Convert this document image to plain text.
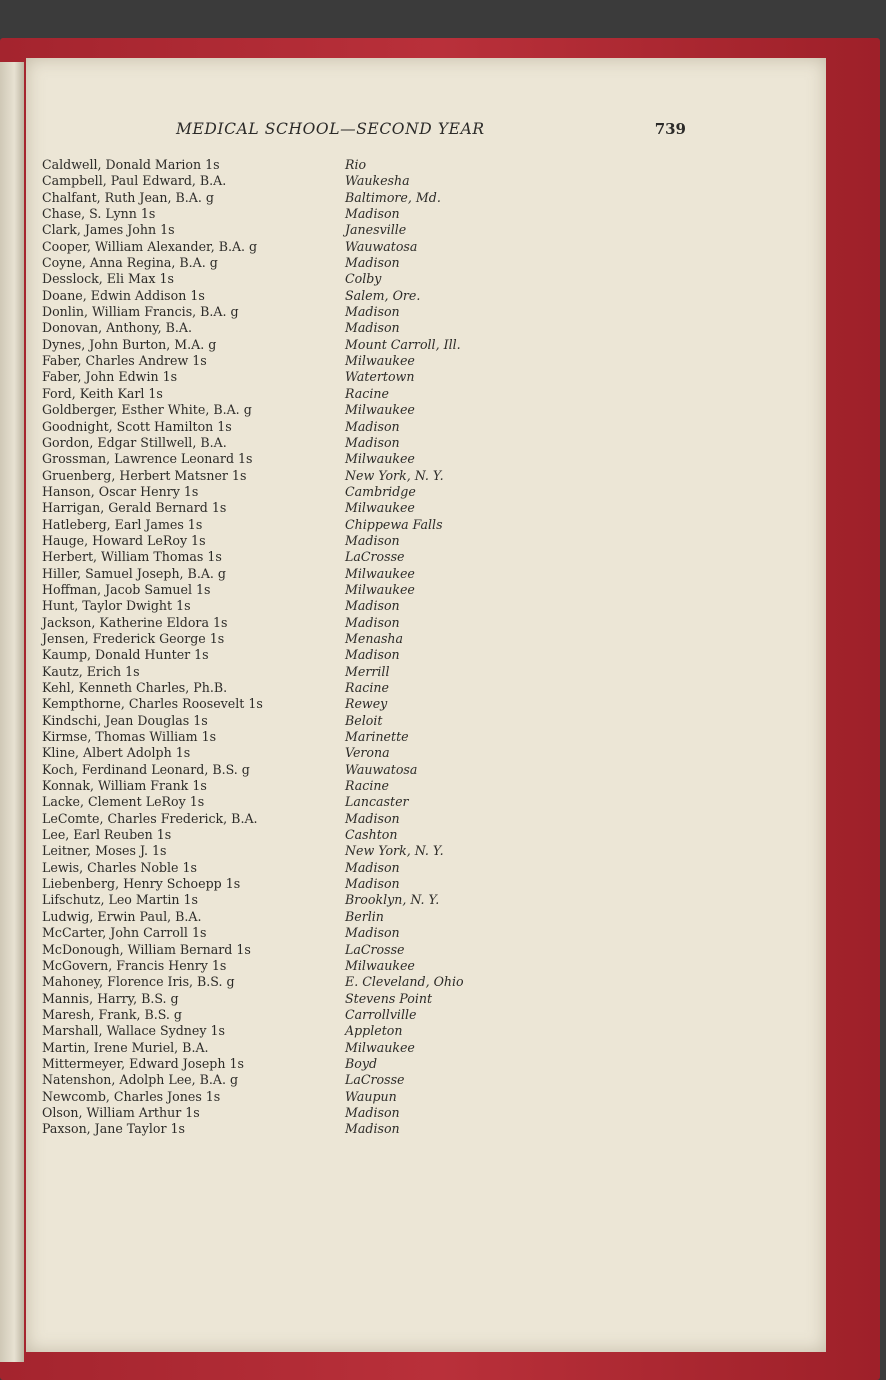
MEDICAL SCHOOL—SECOND YEAR	739
Caldwell, Donald Marion 1s	Rio
Campbell, Paul Edward, B.A.	Waukesha
Chalfant, Ruth Jean, B.A. g	Baltimore, Md.
Chase, S. Lynn 1s	Madison
Clark, James John 1s	Janesville
Cooper, William Alexander, B.A. g	Wauwatosa
Coyne, Anna Regina, B.A. g	Madison
Desslock, Eli Max 1s	Colby
Doane, Edwin Addison 1s	Salem, Ore.
Donlin, William Francis, B.A. g	Madison
Donovan, Anthony, B.A.	Madison
Dynes, John Burton, M.A. g	Mount Carroll, Ill.
Faber, Charles Andrew 1s	Milwaukee
Faber, John Edwin 1s	Watertown
Ford, Keith Karl 1s	Racine
Goldberger, Esther White, B.A. g	Milwaukee
Goodnight, Scott Hamilton 1s	Madison
Gordon, Edgar Stillwell, B.A.	Madison
Grossman, Lawrence Leonard 1s	Milwaukee
Gruenberg, Herbert Matsner 1s	New York, N. Y.
Hanson, Oscar Henry 1s	Cambridge
Harrigan, Gerald Bernard 1s	Milwaukee
Hatleberg, Earl James 1s	Chippewa Falls
Hauge, Howard LeRoy 1s	Madison
Herbert, William Thomas 1s	LaCrosse
Hiller, Samuel Joseph, B.A. g	Milwaukee
Hoffman, Jacob Samuel 1s	Milwaukee
Hunt, Taylor Dwight 1s	Madison
Jackson, Katherine Eldora 1s	Madison
Jensen, Frederick George 1s	Menasha
Kaump, Donald Hunter 1s	Madison
Kautz, Erich 1s	Merrill
Kehl, Kenneth Charles, Ph.B.	Racine
Kempthorne, Charles Roosevelt 1s	Rewey
Kindschi, Jean Douglas 1s	Beloit
Kirmse, Thomas William 1s	Marinette
Kline, Albert Adolph 1s	Verona
Koch, Ferdinand Leonard, B.S. g	Wauwatosa
Konnak, William Frank 1s	Racine
Lacke, Clement LeRoy 1s	Lancaster
LeComte, Charles Frederick, B.A.	Madison
Lee, Earl Reuben 1s	Cashton
Leitner, Moses J. 1s	New York, N. Y.
Lewis, Charles Noble 1s	Madison
Liebenberg, Henry Schoepp 1s	Madison
Lifschutz, Leo Martin 1s	Brooklyn, N. Y.
Ludwig, Erwin Paul, B.A.	Berlin
McCarter, John Carroll 1s	Madison
McDonough, William Bernard 1s	LaCrosse
McGovern, Francis Henry 1s	Milwaukee
Mahoney, Florence Iris, B.S. g	E. Cleveland, Ohio
Mannis, Harry, B.S. g	Stevens Point
Maresh, Frank, B.S. g	Carrollville
Marshall, Wallace Sydney 1s	Appleton
Martin, Irene Muriel, B.A.	Milwaukee
Mittermeyer, Edward Joseph 1s	Boyd
Natenshon, Adolph Lee, B.A. g	LaCrosse
Newcomb, Charles Jones 1s	Waupun
Olson, William Arthur 1s	Madison
Paxson, Jane Taylor 1s	Madison
